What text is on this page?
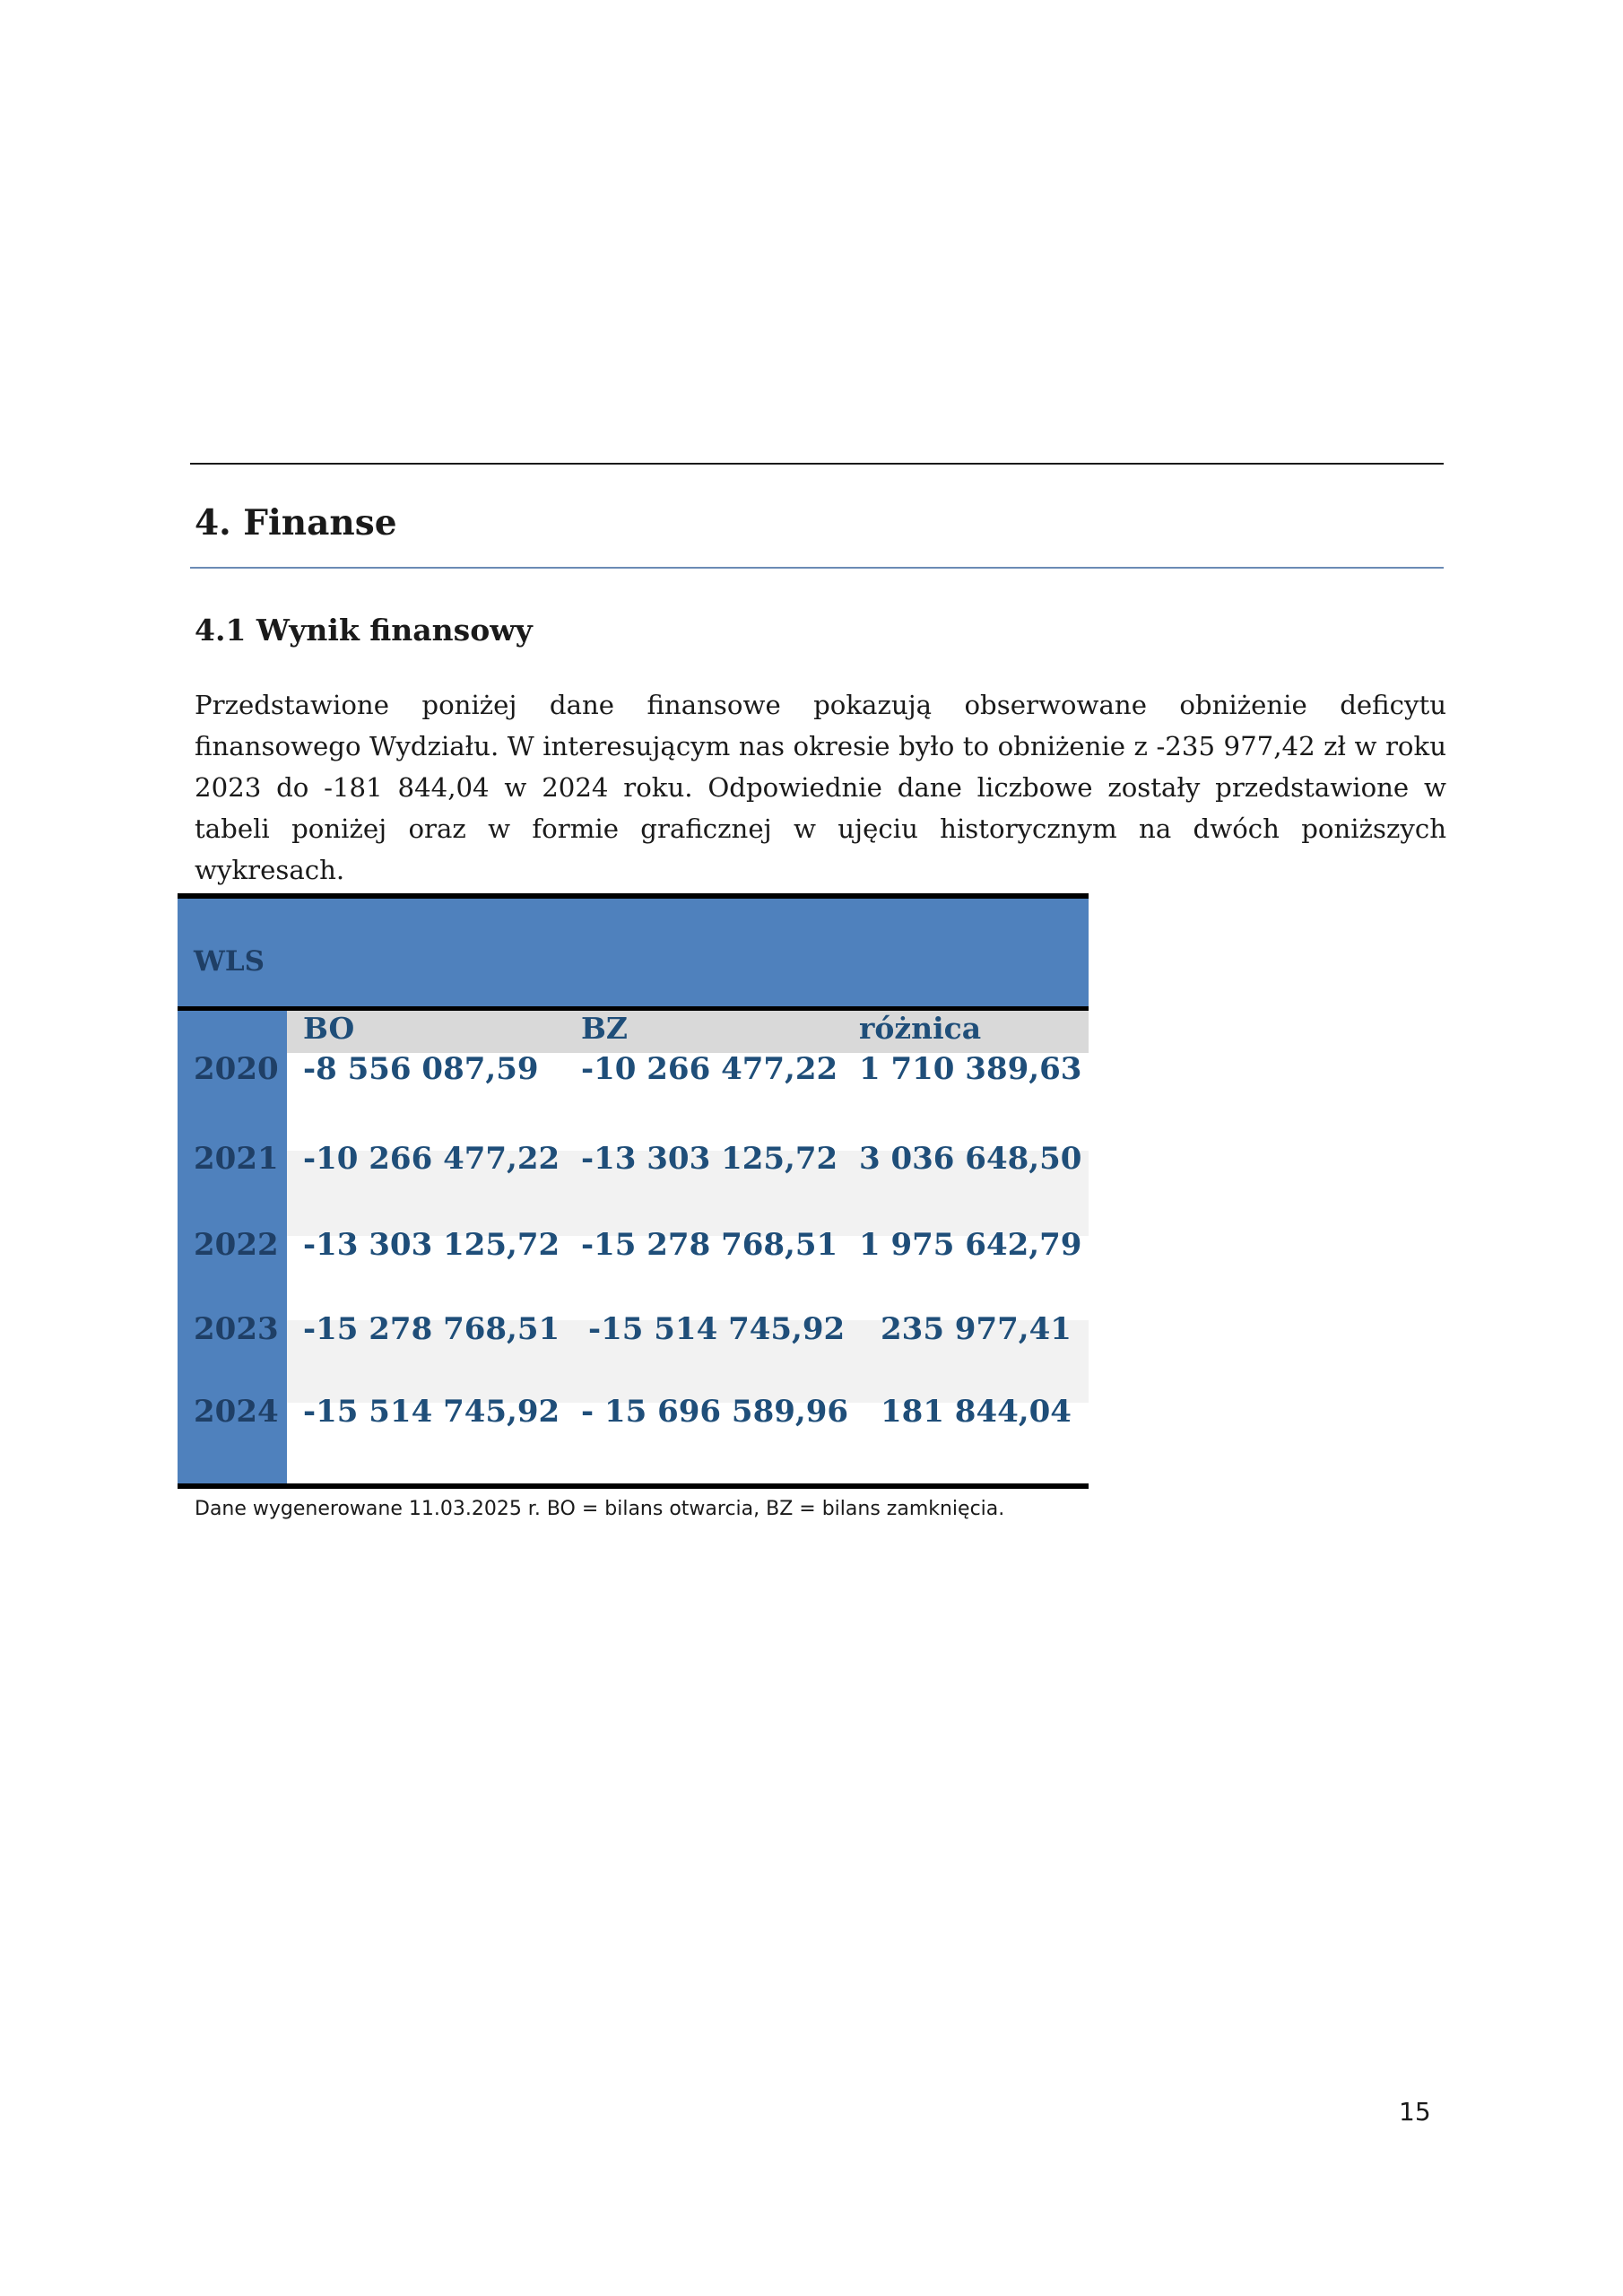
4. Finanse
4.1 Wynik finansowy

Przedstawione poniżej dane finansowe pokazują obserwowane obniżenie deficytu finansowego Wydziału. W interesującym nas okresie było to obniżenie z -235 977,42 zł w roku 2023 do -181 844,04 w 2024 roku. Odpowiednie dane liczbowe zostały przedstawione w tabeli poniżej oraz w formie graficznej w ujęciu historycznym na dwóch poniższych wykresach.

WLS
BO	BZ	różnica
2020 -8 556 087,59 -10 266 477,22 1 710 389,63
2021 -10 266 477,22 -13 303 125,72 3 036 648,50
2022 -13 303 125,72 -15 278 768,51 1 975 642,79
2023 -15 278 768,51 -15 514 745,92 235 977,41
2024 -15 514 745,92 - 15 696 589,96 181 844,04

Dane wygenerowane 11.03.2025 r. BO = bilans otwarcia, BZ = bilans zamknięcia.

15
